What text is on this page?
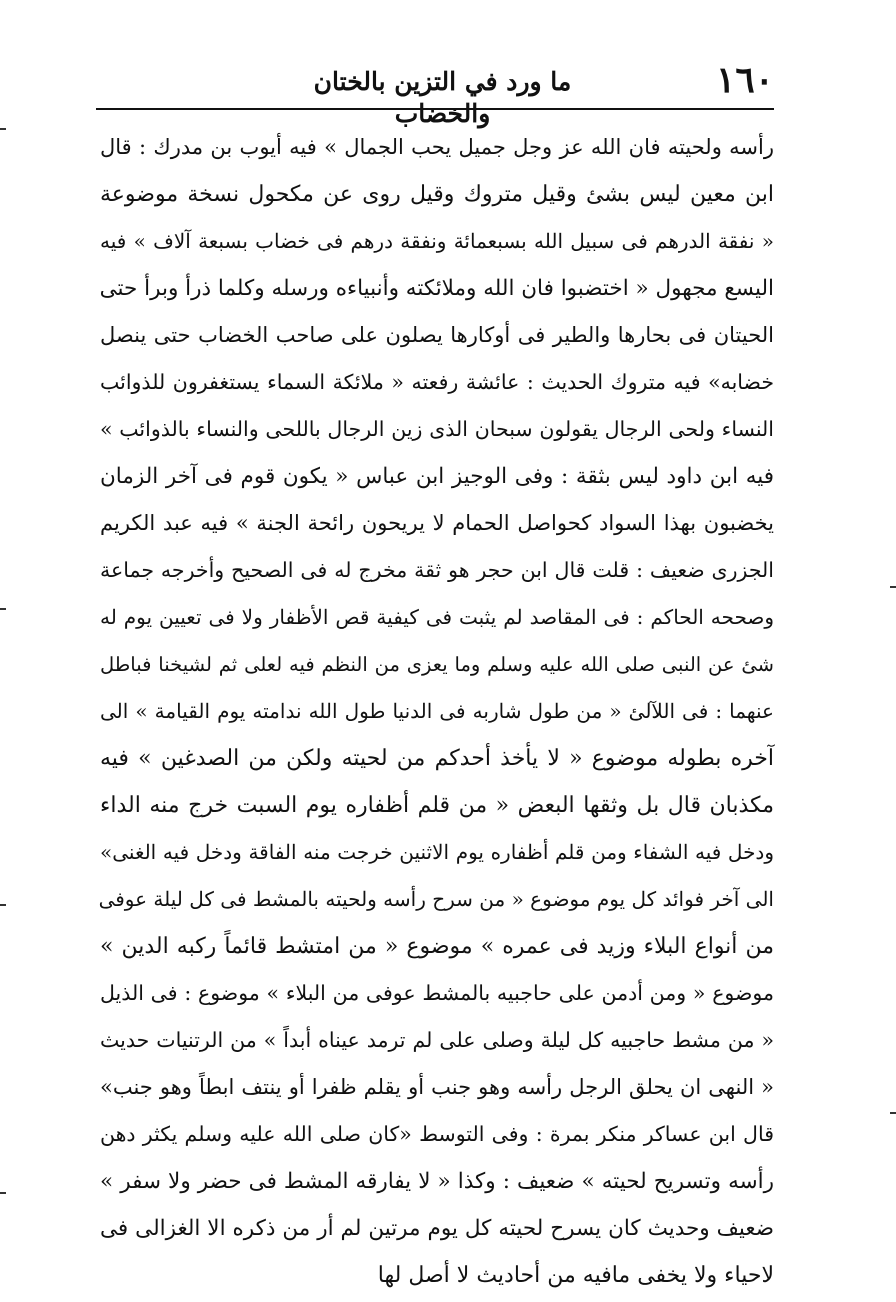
١٦٠
ما ورد في التزين بالختان والخضاب
رأسه ولحيته فان الله عز وجل جميل يحب الجمال » فيه أيوب بن مدرك : قال
ابن معين ليس بشئ وقيل متروك وقيل روى عن مكحول نسخة موضوعة
« نفقة الدرهم فى سبيل الله بسبعمائة ونفقة درهم فى خضاب بسبعة آلاف » فيه
اليسع مجهول « اختضبوا فان الله وملائكته وأنبياءه ورسله وكلما ذرأ وبرأ حتى
الحيتان فى بحارها والطير فى أوكارها يصلون على صاحب الخضاب حتى ينصل
خضابه» فيه متروك الحديث : عائشة رفعته « ملائكة السماء يستغفرون للذوائب
النساء ولحى الرجال يقولون سبحان الذى زين الرجال باللحى والنساء بالذوائب »
فيه ابن داود ليس بثقة : وفى الوجيز ابن عباس « يكون قوم فى آخر الزمان
يخضبون بهذا السواد كحواصل الحمام لا يريحون رائحة الجنة » فيه عبد الكريم
الجزرى ضعيف : قلت قال ابن حجر هو ثقة مخرج له فى الصحيح وأخرجه جماعة
وصححه الحاكم : فى المقاصد لم يثبت فى كيفية قص الأظفار ولا فى تعيين يوم له
شئ عن النبى صلى الله عليه وسلم وما يعزى من النظم فيه لعلى ثم لشيخنا فباطل
عنهما : فى اللآلئ « من طول شاربه فى الدنيا طول الله ندامته يوم القيامة » الى
آخره بطوله موضوع « لا يأخذ أحدكم من لحيته ولكن من الصدغين » فيه
مكذبان قال بل وثقها البعض « من قلم أظفاره يوم السبت خرج منه الداء
ودخل فيه الشفاء ومن قلم أظفاره يوم الاثنين خرجت منه الفاقة ودخل فيه الغنى»
الى آخر فوائد كل يوم موضوع « من سرح رأسه ولحيته بالمشط فى كل ليلة عوفى
من أنواع البلاء وزيد فى عمره » موضوع « من امتشط قائماً ركبه الدين »
موضوع « ومن أدمن على حاجبيه بالمشط عوفى من البلاء » موضوع : فى الذيل
« من مشط حاجبيه كل ليلة وصلى على لم ترمد عيناه أبداً » من الرتنيات حديث
« النهى ان يحلق الرجل رأسه وهو جنب أو يقلم ظفرا أو ينتف ابطاً وهو جنب»
قال ابن عساكر منكر بمرة : وفى التوسط «كان صلى الله عليه وسلم يكثر دهن
رأسه وتسريح لحيته » ضعيف : وكذا « لا يفارقه المشط فى حضر ولا سفر »
ضعيف وحديث كان يسرح لحيته كل يوم مرتين لم أر من ذكره الا الغزالى فى
لاحياء ولا يخفى مافيه من أحاديث لا أصل لها
